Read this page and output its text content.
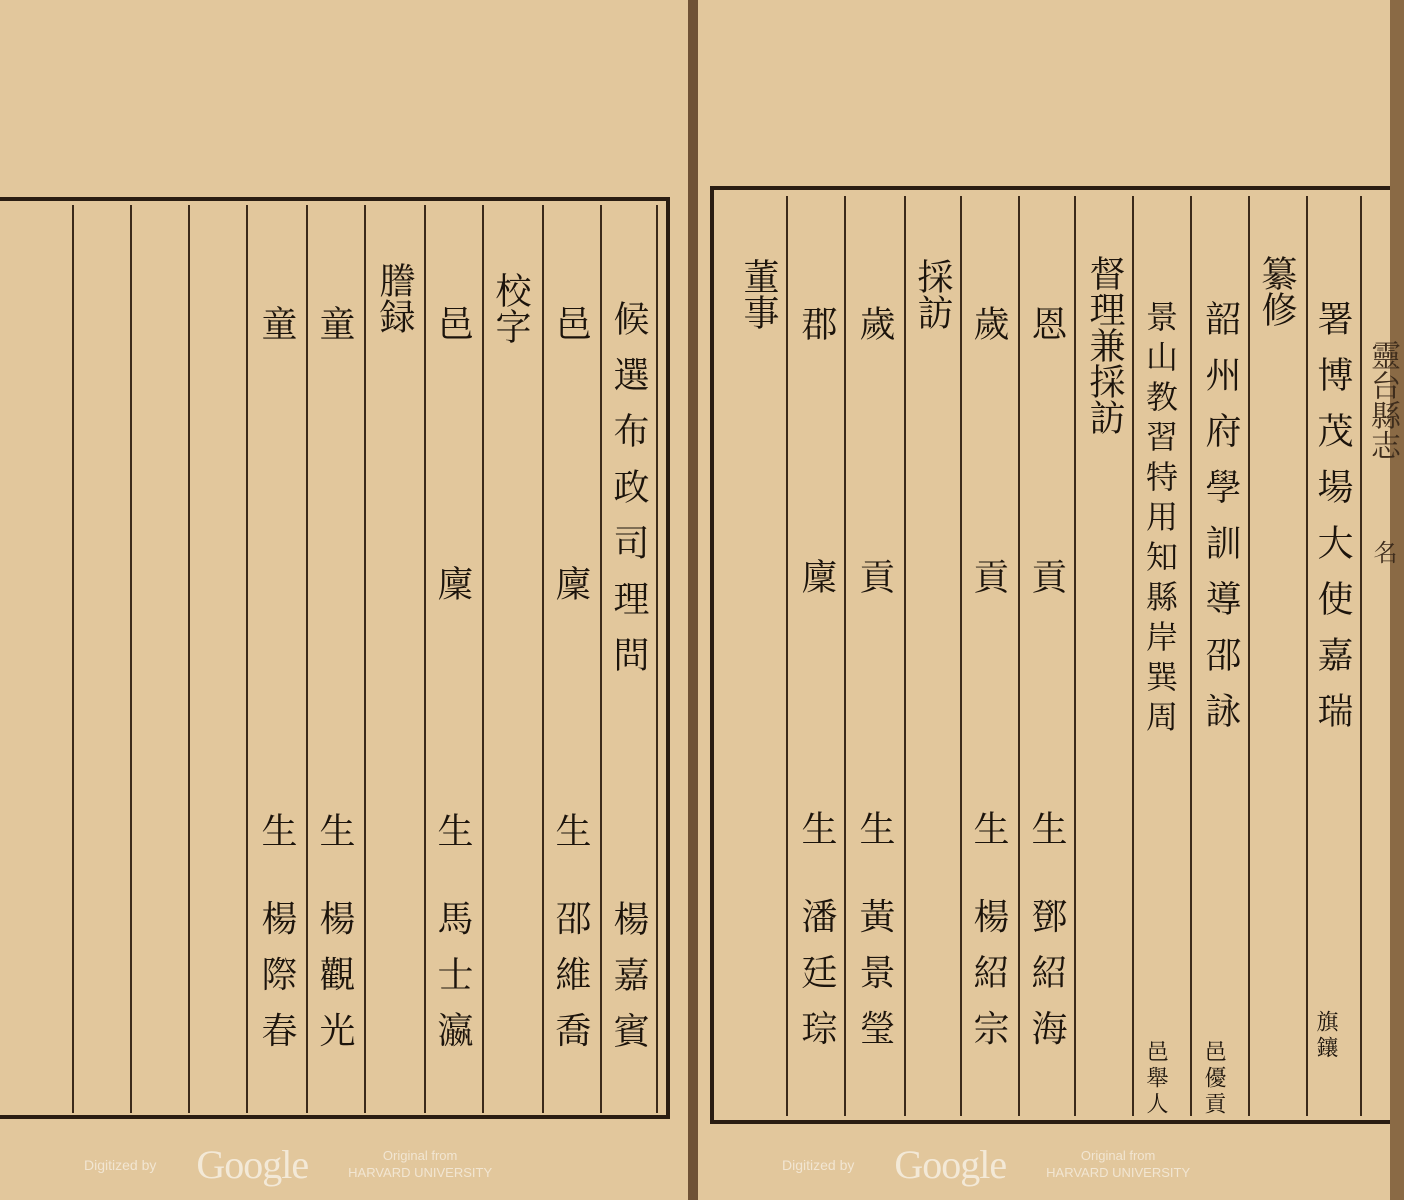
候選布政司理問
楊嘉賓
邑
廩
生 邵維喬
校字
邑
廩
生 馬士瀛
謄録
童
生 楊觀光
童
生 楊際春
Digitized by Google	Original from
HARVARD UNIVERSITY
靈台縣志
名
署博茂場大使嘉瑞
旗鑲
纂修
韶州府學訓導邵詠
邑優貢
景山教習特用知縣岸巽周
邑舉人
督理兼採訪
恩
貢
生 鄧紹海
歲
貢
生 楊紹宗
採訪
歲
貢
生 黃景瑩
郡
廩
生 潘廷琮
董事
Digitized by Google	Original from
HARVARD UNIVERSITY
